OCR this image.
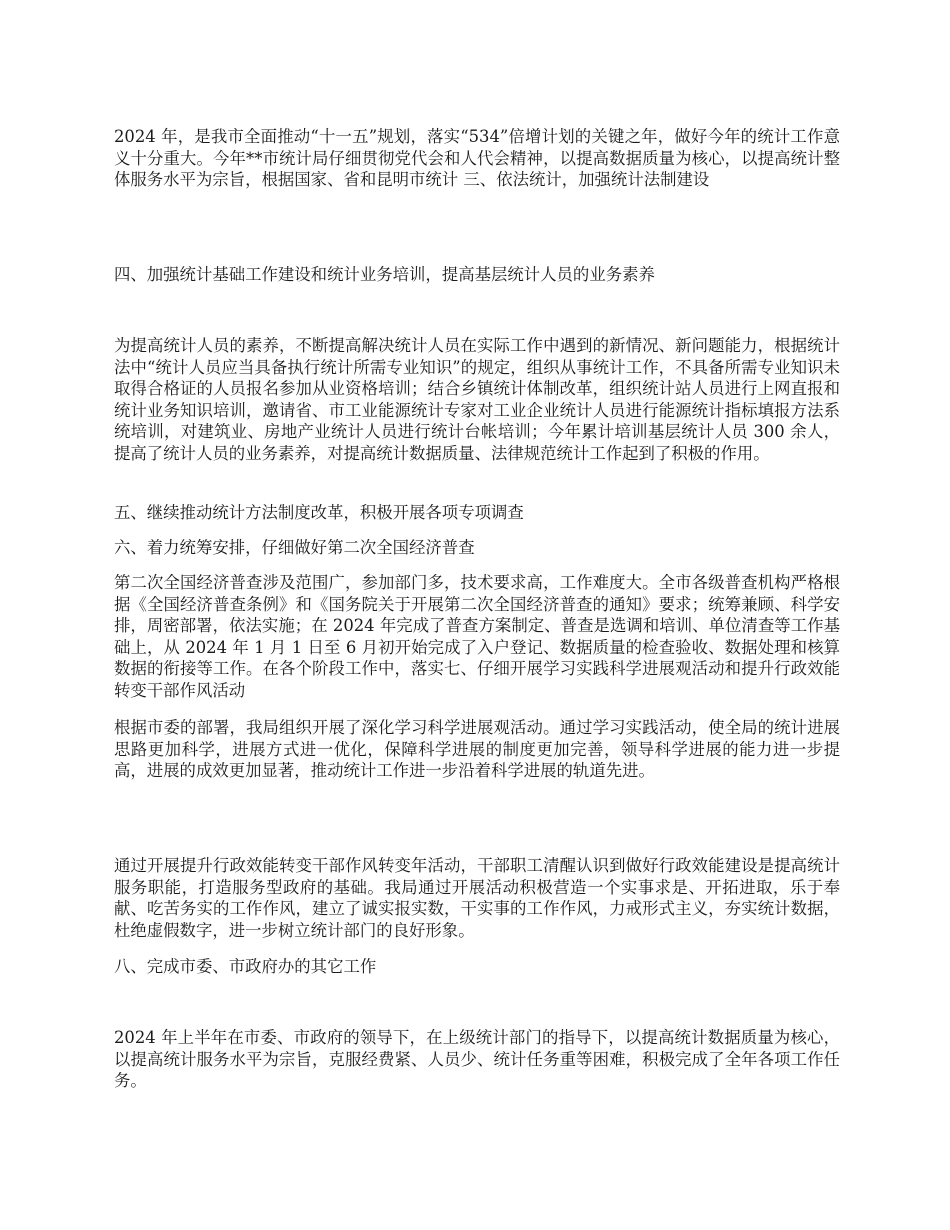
2024 年，是我市全面推动“十一五”规划，落实“534”倍增计划的关键之年，做好今年的统计工作意义十分重大。今年**市统计局仔细贯彻党代会和人代会精神，以提高数据质量为核心，以提高统计整体服务水平为宗旨，根据国家、省和昆明市统计 三、依法统计，加强统计法制建设

四、加强统计基础工作建设和统计业务培训，提高基层统计人员的业务素养

为提高统计人员的素养，不断提高解决统计人员在实际工作中遇到的新情况、新问题能力，根据统计法中“统计人员应当具备执行统计所需专业知识”的规定，组织从事统计工作，不具备所需专业知识未取得合格证的人员报名参加从业资格培训；结合乡镇统计体制改革，组织统计站人员进行上网直报和统计业务知识培训，邀请省、市工业能源统计专家对工业企业统计人员进行能源统计指标填报方法系统培训，对建筑业、房地产业统计人员进行统计台帐培训；今年累计培训基层统计人员 300 余人，提高了统计人员的业务素养，对提高统计数据质量、法律规范统计工作起到了积极的作用。

五、继续推动统计方法制度改革，积极开展各项专项调查

六、着力统筹安排，仔细做好第二次全国经济普查

第二次全国经济普查涉及范围广，参加部门多，技术要求高，工作难度大。全市各级普查机构严格根据《全国经济普查条例》和《国务院关于开展第二次全国经济普查的通知》要求；统筹兼顾、科学安排，周密部署，依法实施；在 2024 年完成了普查方案制定、普查是选调和培训、单位清查等工作基础上，从 2024 年 1 月 1 日至 6 月初开始完成了入户登记、数据质量的检查验收、数据处理和核算数据的衔接等工作。在各个阶段工作中，落实七、仔细开展学习实践科学进展观活动和提升行政效能转变干部作风活动

根据市委的部署，我局组织开展了深化学习科学进展观活动。通过学习实践活动，使全局的统计进展思路更加科学，进展方式进一优化，保障科学进展的制度更加完善，领导科学进展的能力进一步提高，进展的成效更加显著，推动统计工作进一步沿着科学进展的轨道先进。

通过开展提升行政效能转变干部作风转变年活动，干部职工清醒认识到做好行政效能建设是提高统计服务职能，打造服务型政府的基础。我局通过开展活动积极营造一个实事求是、开拓进取，乐于奉献、吃苦务实的工作作风，建立了诚实报实数，干实事的工作作风，力戒形式主义，夯实统计数据，杜绝虚假数字，进一步树立统计部门的良好形象。

八、完成市委、市政府办的其它工作

2024 年上半年在市委、市政府的领导下，在上级统计部门的指导下，以提高统计数据质量为核心，以提高统计服务水平为宗旨，克服经费紧、人员少、统计任务重等困难，积极完成了全年各项工作任务。
